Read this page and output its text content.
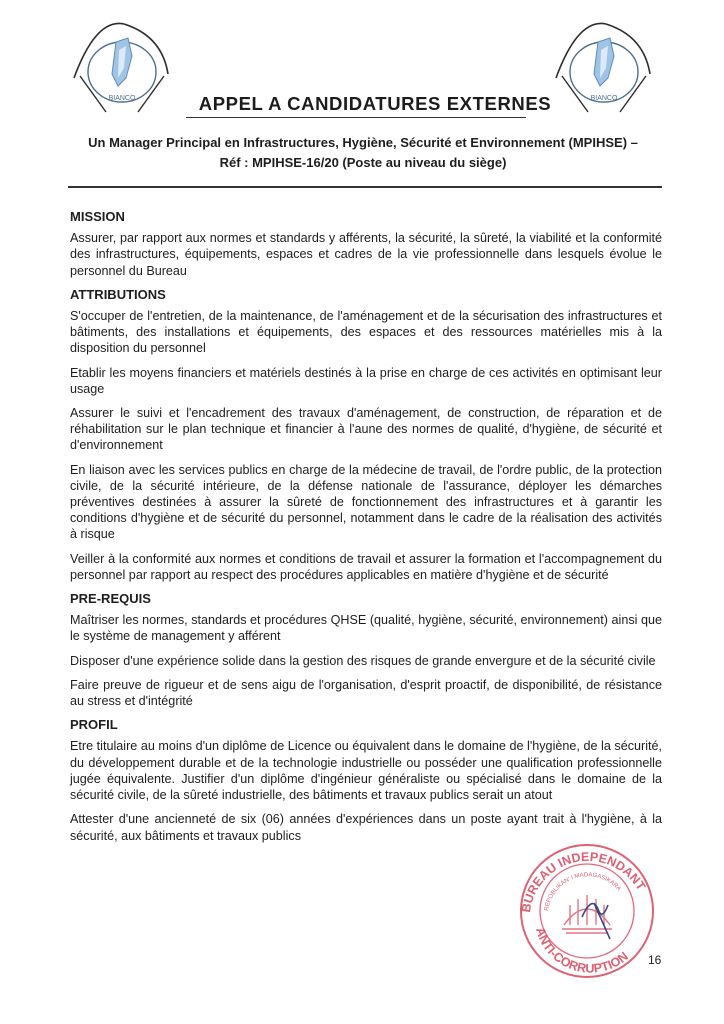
BIANCO	BIANCO
APPEL A CANDIDATURES EXTERNES
Un Manager Principal en Infrastructures, Hygiène, Sécurité et Environnement (MPIHSE) –
Réf : MPIHSE-16/20 (Poste au niveau du siège)
MISSION

Assurer, par rapport aux normes et standards y afférents, la sécurité, la sûreté, la viabilité et la conformité des infrastructures, équipements, espaces et cadres de la vie professionnelle dans lesquels évolue le personnel du Bureau

ATTRIBUTIONS

S'occuper de l'entretien, de la maintenance, de l'aménagement et de la sécurisation des infrastructures et bâtiments, des installations et équipements, des espaces et des ressources matérielles mis à la disposition du personnel

Etablir les moyens financiers et matériels destinés à la prise en charge de ces activités en optimisant leur usage

Assurer le suivi et l'encadrement des travaux d'aménagement, de construction, de réparation et de réhabilitation sur le plan technique et financier à l'aune des normes de qualité, d'hygiène, de sécurité et d'environnement

En liaison avec les services publics en charge de la médecine de travail, de l'ordre public, de la protection civile, de la sécurité intérieure, de la défense nationale de l'assurance, déployer les démarches préventives destinées à assurer la sûreté de fonctionnement des infrastructures et à garantir les conditions d'hygiène et de sécurité du personnel, notamment dans le cadre de la réalisation des activités à risque

Veiller à la conformité aux normes et conditions de travail et assurer la formation et l'accompagnement du personnel par rapport au respect des procédures applicables en matière d'hygiène et de sécurité

PRE-REQUIS

Maîtriser les normes, standards et procédures QHSE (qualité, hygiène, sécurité, environnement) ainsi que le système de management y afférent

Disposer d'une expérience solide dans la gestion des risques de grande envergure et de la sécurité civile

Faire preuve de rigueur et de sens aigu de l'organisation, d'esprit proactif, de disponibilité, de résistance au stress et d'intégrité

PROFIL

Etre titulaire au moins d'un diplôme de Licence ou équivalent dans le domaine de l'hygiène, de la sécurité, du développement durable et de la technologie industrielle ou posséder une qualification professionnelle jugée équivalente. Justifier d'un diplôme d'ingénieur généraliste ou spécialisé dans le domaine de la sécurité civile, de la sûreté industrielle, des bâtiments et travaux publics serait un atout

Attester d'une ancienneté de six (06) années d'expériences dans un poste ayant trait à l'hygiène, à la sécurité, aux bâtiments et travaux publics

BUREAU INDEPENDANT
REPOBLIKAN' I MADAGASIKARA
ANTI-CORRUPTION 16
